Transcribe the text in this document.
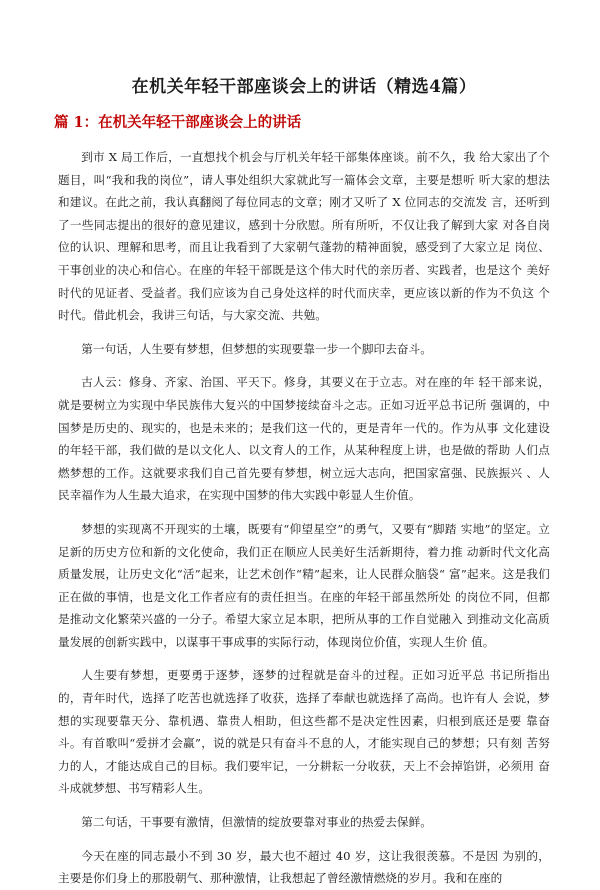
在机关年轻干部座谈会上的讲话（精选4篇）
篇 1：在机关年轻干部座谈会上的讲话

到市 X 局工作后，一直想找个机会与厅机关年轻干部集体座谈。前不久，我 给大家出了个题目，叫“我和我的岗位”，请人事处组织大家就此写一篇体会文章，主要是想听 听大家的想法和建议。在此之前，我认真翻阅了每位同志的文章；刚才又听了 X 位同志的交流发 言，还听到了一些同志提出的很好的意见建议，感到十分欣慰。所有所听，不仅让我了解到大家 对各自岗位的认识、理解和思考，而且让我看到了大家朝气蓬勃的精神面貌，感受到了大家立足 岗位、干事创业的决心和信心。在座的年轻干部既是这个伟大时代的亲历者、实践者，也是这个 美好时代的见证者、受益者。我们应该为自己身处这样的时代而庆幸，更应该以新的作为不负这 个时代。借此机会，我讲三句话，与大家交流、共勉。

第一句话，人生要有梦想，但梦想的实现要靠一步一个脚印去奋斗。

古人云：修身、齐家、治国、平天下。修身，其要义在于立志。对在座的年 轻干部来说，就是要树立为实现中华民族伟大复兴的中国梦接续奋斗之志。正如习近平总书记所 强调的，中国梦是历史的、现实的，也是未来的；是我们这一代的，更是青年一代的。作为从事 文化建设的年轻干部，我们做的是以文化人、以文育人的工作，从某种程度上讲，也是做的帮助 人们点燃梦想的工作。这就要求我们自己首先要有梦想，树立远大志向，把国家富强、民族振兴 、人民幸福作为人生最大追求，在实现中国梦的伟大实践中彰显人生价值。

梦想的实现离不开现实的土壤，既要有“仰望星空”的勇气，又要有“脚踏 实地”的坚定。立足新的历史方位和新的文化使命，我们正在顺应人民美好生活新期待，着力推 动新时代文化高质量发展，让历史文化“活”起来，让艺术创作“精”起来，让人民群众脑袋“ 富”起来。这是我们正在做的事情，也是文化工作者应有的责任担当。在座的年轻干部虽然所处 的岗位不同，但都是推动文化繁荣兴盛的一分子。希望大家立足本职，把所从事的工作自觉融入 到推动文化高质量发展的创新实践中，以谋事干事成事的实际行动，体现岗位价值，实现人生价 值。

人生要有梦想，更要勇于逐梦，逐梦的过程就是奋斗的过程。正如习近平总 书记所指出的，青年时代，选择了吃苦也就选择了收获，选择了奉献也就选择了高尚。也许有人 会说，梦想的实现要靠天分、靠机遇、靠贵人相助，但这些都不是决定性因素，归根到底还是要 靠奋斗。有首歌叫“爱拼才会赢”，说的就是只有奋斗不息的人，才能实现自己的梦想；只有刻 苦努力的人，才能达成自己的目标。我们要牢记，一分耕耘一分收获，天上不会掉馅饼，必须用 奋斗成就梦想、书写精彩人生。

第二句话，干事要有激情，但激情的绽放要靠对事业的热爱去保鲜。

今天在座的同志最小不到 30 岁，最大也不超过 40 岁，这让我很羡慕。不是因 为别的，主要是你们身上的那股朝气、那种激情，让我想起了曾经激情燃烧的岁月。我和在座的
